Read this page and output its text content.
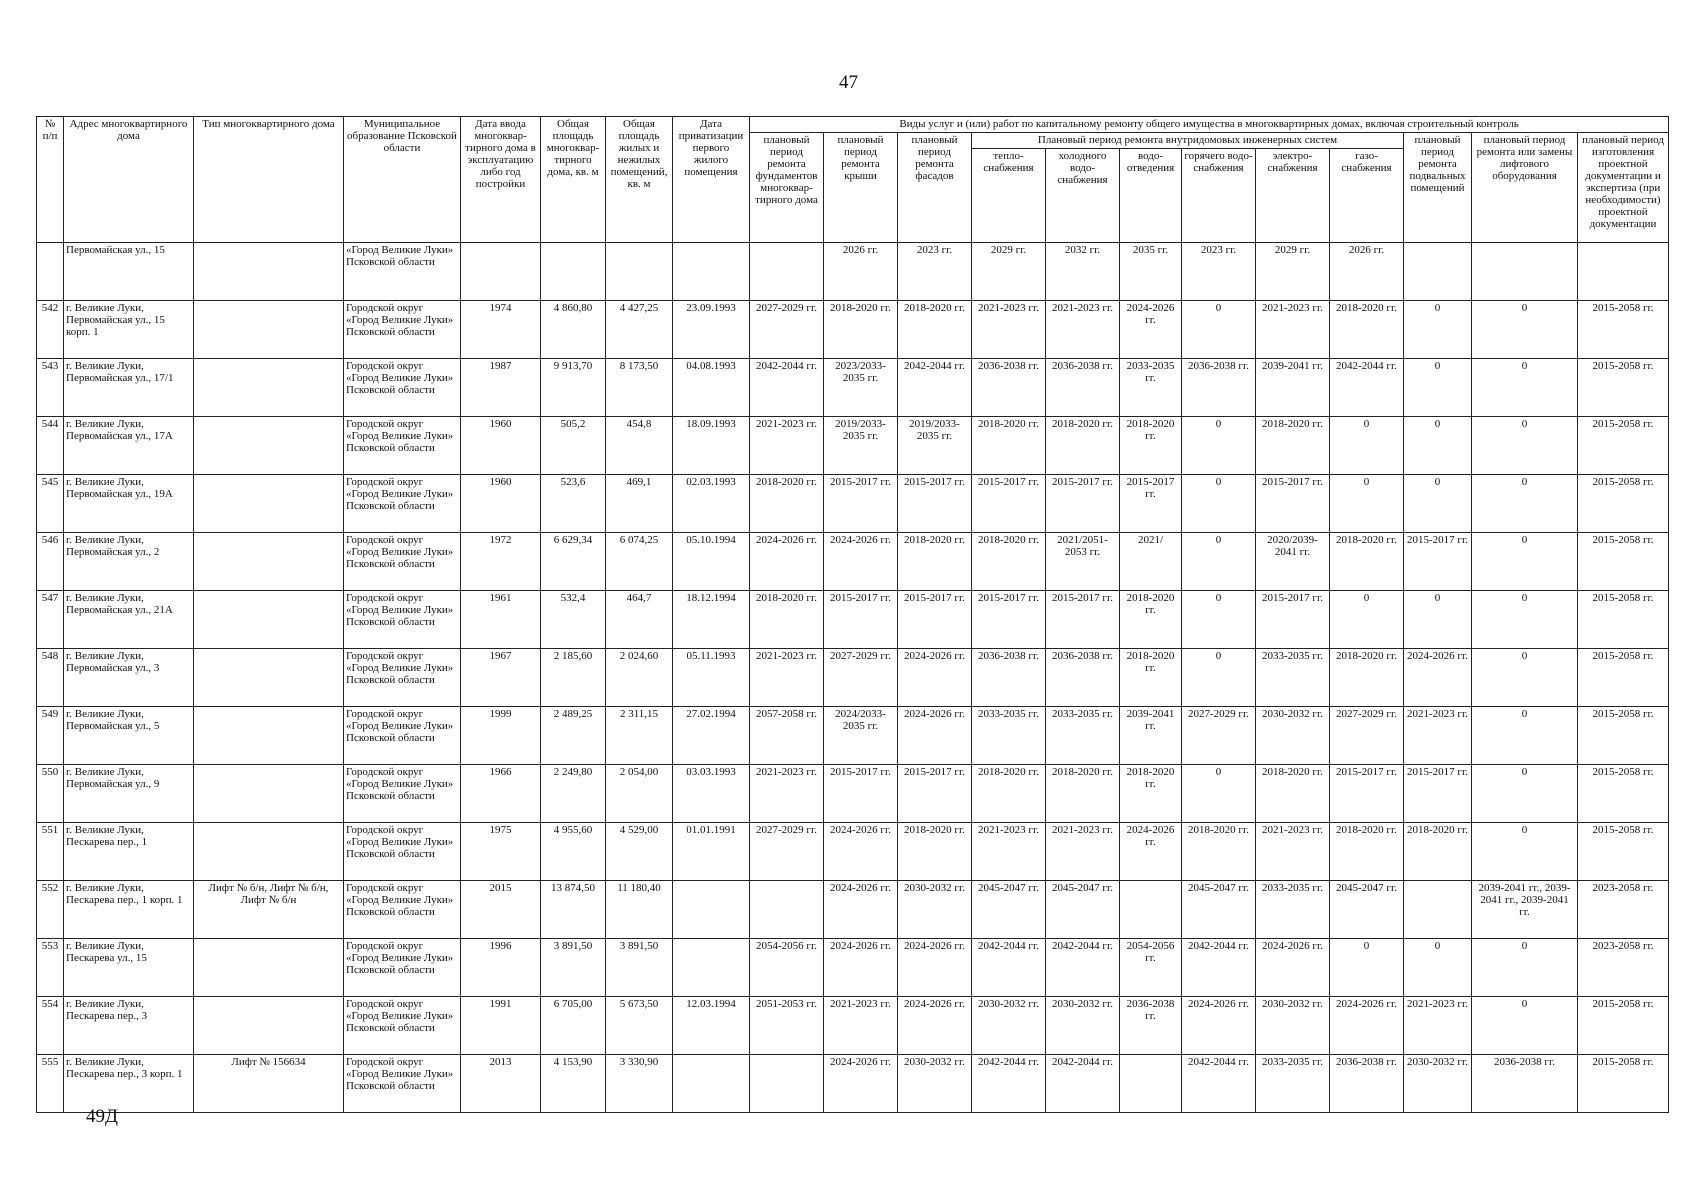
47
№ п/п	Адрес многоквартирного дома	Тип многоквартирного дома	Муниципальное образование Псковской области	Дата ввода многоквар-тирного дома в эксплуатацию либо год постройки	Общая площадь многоквар-тирного дома, кв. м	Общая площадь жилых и нежилых помещений, кв. м	Дата приватизации первого жилого помещения	Виды услуг и (или) работ по капитальному ремонту общего имущества в многоквартирных домах, включая строительный контроль											
								плановый период ремонта фундаментов многоквар-тирного дома	плановый период ремонта крыши	плановый период ремонта фасадов	Плановый период ремонта внутридомовых инженерных систем						плановый период ремонта подвальных помещений	плановый период ремонта или замены лифтового оборудования	плановый период изготовления проектной документации и экспертиза (при необходимости) проектной документации
											тепло-снабжения	холодного водо-снабжения	водо-отведения	горячего водо-снабжения	электро-снабжения	газо-снабжения			
	Первомайская ул., 15		«Город Великие Луки» Псковской области						2026 гг.	2023 гг.	2029 гг.	2032 гг.	2035 гг.	2023 гг.	2029 гг.	2026 гг.			
542	г. Великие Луки, Первомайская ул., 15 корп. 1		Городской округ «Город Великие Луки» Псковской области	1974	4 860,80	4 427,25	23.09.1993	2027-2029 гг.	2018-2020 гг.	2018-2020 гг.	2021-2023 гг.	2021-2023 гг.	2024-2026 гг.	0	2021-2023 гг.	2018-2020 гг.	0	0	2015-2058 гг.
543	г. Великие Луки, Первомайская ул., 17/1		Городской округ «Город Великие Луки» Псковской области	1987	9 913,70	8 173,50	04.08.1993	2042-2044 гг.	2023/2033-2035 гг.	2042-2044 гг.	2036-2038 гг.	2036-2038 гг.	2033-2035 гг.	2036-2038 гг.	2039-2041 гг.	2042-2044 гг.	0	0	2015-2058 гг.
544	г. Великие Луки, Первомайская ул., 17А		Городской округ «Город Великие Луки» Псковской области	1960	505,2	454,8	18.09.1993	2021-2023 гг.	2019/2033-2035 гг.	2019/2033-2035 гг.	2018-2020 гг.	2018-2020 гг.	2018-2020 гг.	0	2018-2020 гг.	0	0	0	2015-2058 гг.
545	г. Великие Луки, Первомайская ул., 19А		Городской округ «Город Великие Луки» Псковской области	1960	523,6	469,1	02.03.1993	2018-2020 гг.	2015-2017 гг.	2015-2017 гг.	2015-2017 гг.	2015-2017 гг.	2015-2017 гг.	0	2015-2017 гг.	0	0	0	2015-2058 гг.
546	г. Великие Луки, Первомайская ул., 2		Городской округ «Город Великие Луки» Псковской области	1972	6 629,34	6 074,25	05.10.1994	2024-2026 гг.	2024-2026 гг.	2018-2020 гг.	2018-2020 гг.	2021/2051-2053 гг.	2021/	0	2020/2039-2041 гг.	2018-2020 гг.	2015-2017 гг.	0	2015-2058 гг.
547	г. Великие Луки, Первомайская ул., 21А		Городской округ «Город Великие Луки» Псковской области	1961	532,4	464,7	18.12.1994	2018-2020 гг.	2015-2017 гг.	2015-2017 гг.	2015-2017 гг.	2015-2017 гг.	2018-2020 гг.	0	2015-2017 гг.	0	0	0	2015-2058 гг.
548	г. Великие Луки, Первомайская ул., 3		Городской округ «Город Великие Луки» Псковской области	1967	2 185,60	2 024,60	05.11.1993	2021-2023 гг.	2027-2029 гг.	2024-2026 гг.	2036-2038 гг.	2036-2038 гг.	2018-2020 гг.	0	2033-2035 гг.	2018-2020 гг.	2024-2026 гг.	0	2015-2058 гг.
549	г. Великие Луки, Первомайская ул., 5		Городской округ «Город Великие Луки» Псковской области	1999	2 489,25	2 311,15	27.02.1994	2057-2058 гг.	2024/2033-2035 гг.	2024-2026 гг.	2033-2035 гг.	2033-2035 гг.	2039-2041 гг.	2027-2029 гг.	2030-2032 гг.	2027-2029 гг.	2021-2023 гг.	0	2015-2058 гг.
550	г. Великие Луки, Первомайская ул., 9		Городской округ «Город Великие Луки» Псковской области	1966	2 249,80	2 054,00	03.03.1993	2021-2023 гг.	2015-2017 гг.	2015-2017 гг.	2018-2020 гг.	2018-2020 гг.	2018-2020 гг.	0	2018-2020 гг.	2015-2017 гг.	2015-2017 гг.	0	2015-2058 гг.
551	г. Великие Луки, Пескарева пер., 1		Городской округ «Город Великие Луки» Псковской области	1975	4 955,60	4 529,00	01.01.1991	2027-2029 гг.	2024-2026 гг.	2018-2020 гг.	2021-2023 гг.	2021-2023 гг.	2024-2026 гг.	2018-2020 гг.	2021-2023 гг.	2018-2020 гг.	2018-2020 гг.	0	2015-2058 гг.
552	г. Великие Луки, Пескарева пер., 1 корп. 1	Лифт № б/н, Лифт № б/н, Лифт № б/н	Городской округ «Город Великие Луки» Псковской области	2015	13 874,50	11 180,40			2024-2026 гг.	2030-2032 гг.	2045-2047 гг.	2045-2047 гг.		2045-2047 гг.	2033-2035 гг.	2045-2047 гг.		2039-2041 гг., 2039-2041 гг., 2039-2041 гг.	2023-2058 гг.
553	г. Великие Луки, Пескарева ул., 15		Городской округ «Город Великие Луки» Псковской области	1996	3 891,50	3 891,50		2054-2056 гг.	2024-2026 гг.	2024-2026 гг.	2042-2044 гг.	2042-2044 гг.	2054-2056 гг.	2042-2044 гг.	2024-2026 гг.	0	0	0	2023-2058 гг.
554	г. Великие Луки, Пескарева пер., 3		Городской округ «Город Великие Луки» Псковской области	1991	6 705,00	5 673,50	12.03.1994	2051-2053 гг.	2021-2023 гг.	2024-2026 гг.	2030-2032 гг.	2030-2032 гг.	2036-2038 гг.	2024-2026 гг.	2030-2032 гг.	2024-2026 гг.	2021-2023 гг.	0	2015-2058 гг.
555	г. Великие Луки, Пескарева пер., 3 корп. 1	Лифт № 156634	Городской округ «Город Великие Луки» Псковской области	2013	4 153,90	3 330,90			2024-2026 гг.	2030-2032 гг.	2042-2044 гг.	2042-2044 гг.		2042-2044 гг.	2033-2035 гг.	2036-2038 гг.	2030-2032 гг.	2036-2038 гг.	2015-2058 гг.
49Д
